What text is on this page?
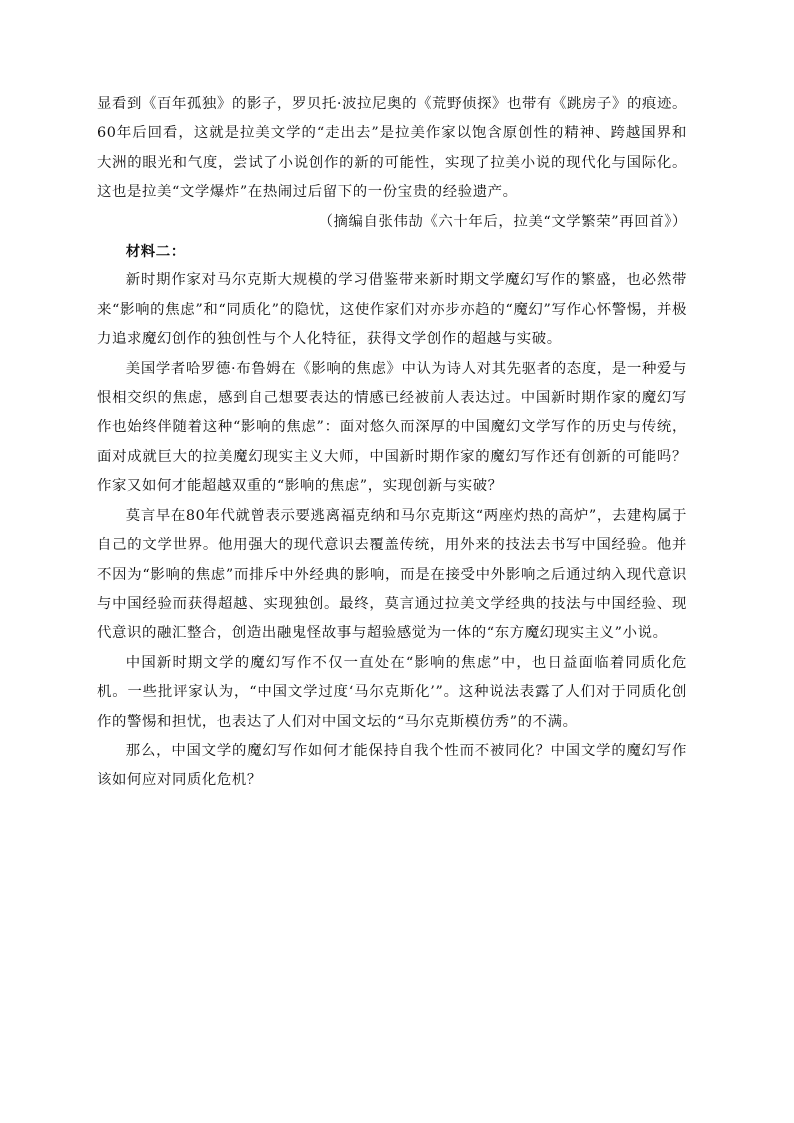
显看到《百年孤独》的影子，罗贝托·波拉尼奥的《荒野侦探》也带有《跳房子》的痕迹。60年后回看，这就是拉美文学的“走出去”是拉美作家以饱含原创性的精神、跨越国界和大洲的眼光和气度，尝试了小说创作的新的可能性，实现了拉美小说的现代化与国际化。这也是拉美“文学爆炸”在热闹过后留下的一份宝贵的经验遗产。

（摘编自张伟劼《六十年后，拉美“文学繁荣”再回首》）

材料二：

新时期作家对马尔克斯大规模的学习借鉴带来新时期文学魔幻写作的繁盛，也必然带来“影响的焦虑”和“同质化”的隐忧，这使作家们对亦步亦趋的“魔幻”写作心怀警惕，并极力追求魔幻创作的独创性与个人化特征，获得文学创作的超越与实破。

美国学者哈罗德·布鲁姆在《影响的焦虑》中认为诗人对其先驱者的态度，是一种爱与恨相交织的焦虑，感到自己想要表达的情感已经被前人表达过。中国新时期作家的魔幻写作也始终伴随着这种“影响的焦虑”：面对悠久而深厚的中国魔幻文学写作的历史与传统，面对成就巨大的拉美魔幻现实主义大师，中国新时期作家的魔幻写作还有创新的可能吗？作家又如何才能超越双重的“影响的焦虑”，实现创新与实破？

莫言早在80年代就曾表示要逃离福克纳和马尔克斯这“两座灼热的高炉”，去建构属于自己的文学世界。他用强大的现代意识去覆盖传统，用外来的技法去书写中国经验。他并不因为“影响的焦虑”而排斥中外经典的影响，而是在接受中外影响之后通过纳入现代意识与中国经验而获得超越、实现独创。最终，莫言通过拉美文学经典的技法与中国经验、现代意识的融汇整合，创造出融鬼怪故事与超验感觉为一体的“东方魔幻现实主义”小说。

中国新时期文学的魔幻写作不仅一直处在“影响的焦虑”中，也日益面临着同质化危机。一些批评家认为，“中国文学过度‘马尔克斯化’”。这种说法表露了人们对于同质化创作的警惕和担忧，也表达了人们对中国文坛的“马尔克斯模仿秀”的不满。

那么，中国文学的魔幻写作如何才能保持自我个性而不被同化？中国文学的魔幻写作该如何应对同质化危机？
